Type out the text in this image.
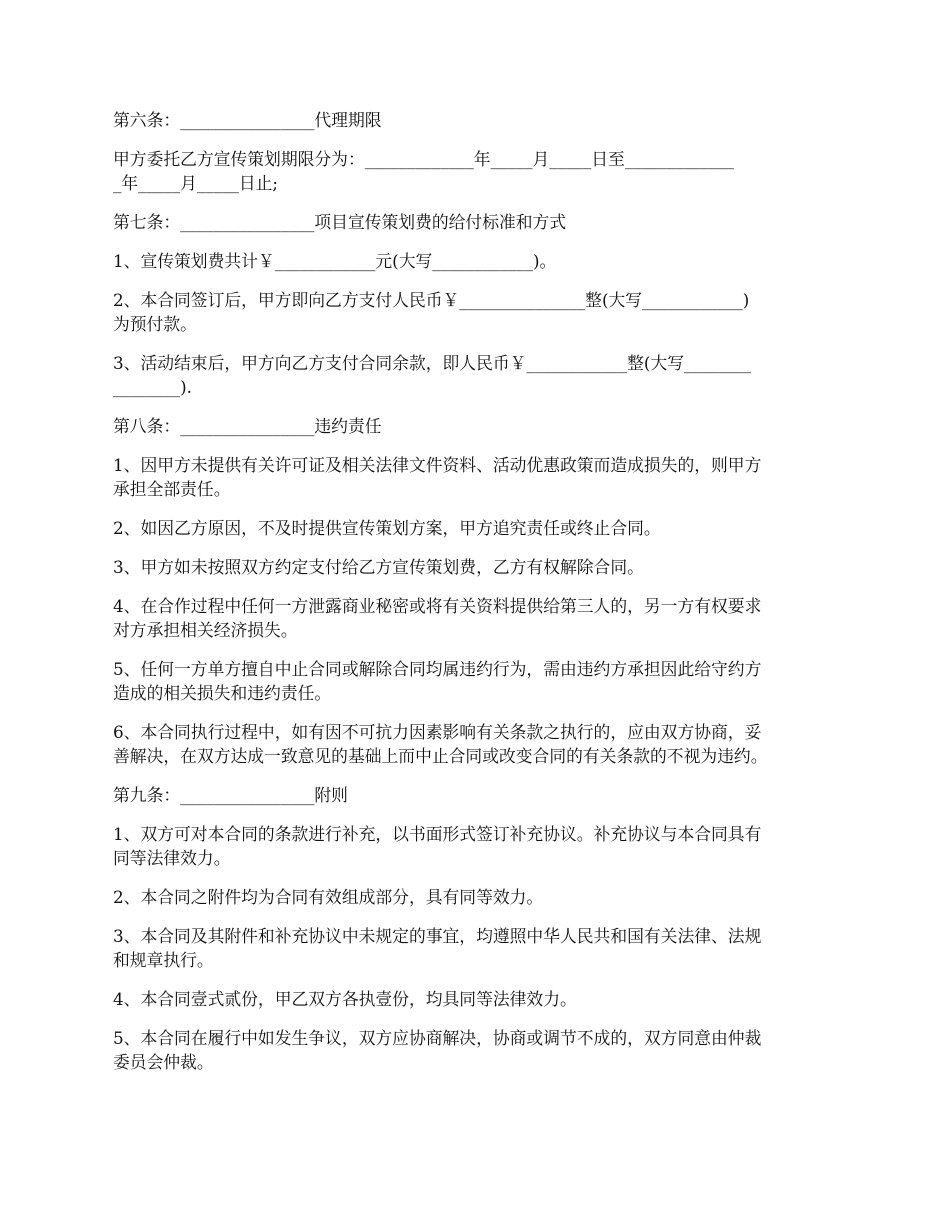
第六条：________________代理期限

甲方委托乙方宣传策划期限分为：_____________年_____月_____日至_____________
_年_____月_____日止;

第七条：________________项目宣传策划费的给付标准和方式

1、宣传策划费共计￥____________元(大写____________)。

2、本合同签订后，甲方即向乙方支付人民币￥_______________整(大写____________)
为预付款。

3、活动结束后，甲方向乙方支付合同余款，即人民币￥____________整(大写________
________).

第八条：________________违约责任

1、因甲方未提供有关许可证及相关法律文件资料、活动优惠政策而造成损失的，则甲方
承担全部责任。

2、如因乙方原因，不及时提供宣传策划方案，甲方追究责任或终止合同。

3、甲方如未按照双方约定支付给乙方宣传策划费，乙方有权解除合同。

4、在合作过程中任何一方泄露商业秘密或将有关资料提供给第三人的，另一方有权要求
对方承担相关经济损失。

5、任何一方单方擅自中止合同或解除合同均属违约行为，需由违约方承担因此给守约方
造成的相关损失和违约责任。

6、本合同执行过程中，如有因不可抗力因素影响有关条款之执行的，应由双方协商，妥
善解决，在双方达成一致意见的基础上而中止合同或改变合同的有关条款的不视为违约。

第九条：________________附则

1、双方可对本合同的条款进行补充，以书面形式签订补充协议。补充协议与本合同具有
同等法律效力。

2、本合同之附件均为合同有效组成部分，具有同等效力。

3、本合同及其附件和补充协议中未规定的事宜，均遵照中华人民共和国有关法律、法规
和规章执行。

4、本合同壹式贰份，甲乙双方各执壹份，均具同等法律效力。

5、本合同在履行中如发生争议，双方应协商解决，协商或调节不成的，双方同意由仲裁
委员会仲裁。
